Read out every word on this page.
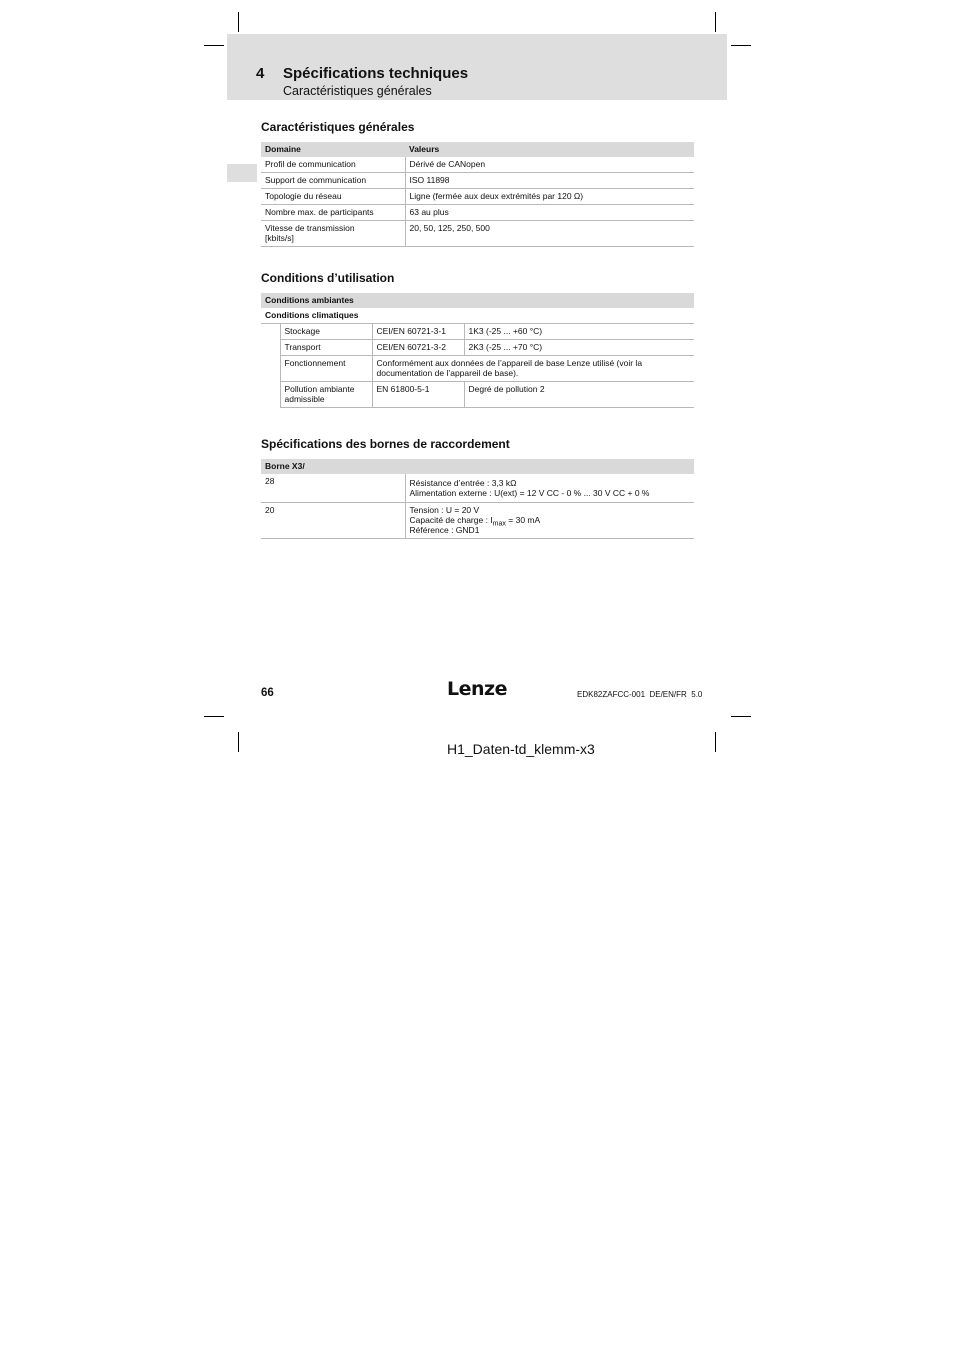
4 Spécifications techniques
Caractéristiques générales
Caractéristiques générales
Domaine	Valeurs
Profil de communication	Dérivé de CANopen
Support de communication	ISO 11898
Topologie du réseau	Ligne (fermée aux deux extrémités par 120 Ω)
Nombre max. de participants	63 au plus
Vitesse de transmission
[kbits/s]	20, 50, 125, 250, 500
Conditions d’utilisation
Conditions ambiantes			
Conditions climatiques			
	Stockage	CEI/EN 60721-3-1	1K3 (-25 ... +60 °C)
	Transport	CEI/EN 60721-3-2	2K3 (-25 ... +70 °C)
	Fonctionnement	Conformément aux données de l’appareil de base Lenze utilisé (voir la documentation de l’appareil de base).	
	Pollution ambiante
admissible	EN 61800-5-1	Degré de pollution 2
Spécifications des bornes de raccordement
Borne X3/	
28	Résistance d’entrée : 3,3 kΩ
Alimentation externe : U(ext) = 12 V CC - 0 % ... 30 V CC + 0 %

20	Tension : U = 20 V
Capacité de charge : $I_{max} = 30$ mA
Référence : GND1
66	Lenze	EDK82ZAFCC-001  DE/EN/FR  5.0
H1_Daten-td_klemm-x3
